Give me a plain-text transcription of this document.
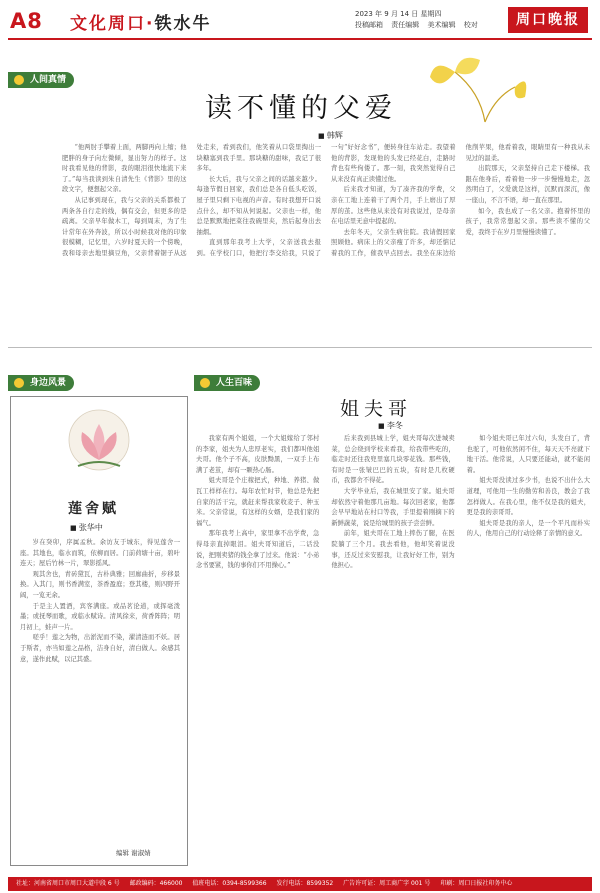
A8 文化周口·铁水牛	2023 年 9 月 14 日 星期四
投稿邮箱 责任编辑 美术编辑 校对	周口晚报
人间真情
读不懂的父爱
■ 韩辉

“他两肘手攀着上面，两脚再向上缩；他肥胖的身子向左微倾，显出努力的样子。这时我看见他的背影，我的眼泪很快地流下来了。”每当我读到朱自清先生《背影》里的这段文字，便想起父亲。

从记事到现在，我与父亲的关系都极了两条各自行走的线，偶有交会，但更多的是疏离。父亲早年做木工，每到周末，为了生计常年在外奔波，所以小时候我对他的印象很模糊，记忆里，六岁时夏天的一个傍晚，我和母亲去地里摘豆角，父亲背着锯子从远处走来，看到我们，他笑着从口袋里掏出一块糖塞到我手里。那块糖的甜味，我记了很多年。

长大后，我与父亲之间的话越来越少。每逢节假日回家，我们总是各自低头吃饭，屋子里只剩下电视的声音。有时我想开口说点什么，却不知从何说起。父亲也一样，他总是默默地把菜往我碗里夹，然后起身出去抽烟。

直到那年我考上大学，父亲送我去报到。在学校门口，他把行李交给我，只说了一句“好好念书”，便转身往车站走。我望着他的背影，发现他的头发已经花白，走路时背也有些佝偻了。那一刻，我突然觉得自己从来没有真正读懂过他。

后来我才知道，为了凑齐我的学费，父亲在工地上连着干了两个月，手上磨出了厚厚的茧。这些他从来没有对我说过，是母亲在电话里无意中提起的。

去年冬天，父亲生病住院。我请假回家照顾他。病床上的父亲瘦了许多，却还惦记着我的工作，催我早点回去。我坐在床边给他削苹果，他看着我，眼睛里有一种我从未见过的温柔。

出院那天，父亲坚持自己走下楼梯。我跟在他身后，看着他一步一步慢慢地走，忽然明白了，父爱就是这样，沉默而深沉，像一座山，不言不语，却一直在那里。

如今，我也成了一名父亲。抱着怀里的孩子，我常常想起父亲。那些读不懂的父爱，我终于在岁月里慢慢读懂了。

身边风景
莲舍赋
■ 张华中

岁在癸卯，序属孟秋。余访友于城东，得见莲舍一座。其地也，临水而筑，依柳而居。门前荷塘十亩，碧叶连天；屋后竹林一片，翠影摇风。

观其舍也，青砖黛瓦，古朴典雅；回廊曲折，步移景换。入其门，则书香满室，茶香盈庭；登其楼，则四野开阔，一览无余。

于是主人置酒，宾客满座。或品茗论道，或挥毫泼墨；或抚琴而歌，或临水赋诗。清风徐来，荷香阵阵；明月初上，蛙声一片。

嗟乎！莲之为物，出淤泥而不染，濯清涟而不妖。居于斯者，亦当如莲之品格，洁身自好，清白做人。余感其意，遂作此赋，以记其盛。

编辑 谢淑婧
人生百味
姐夫哥
■ 李冬

我家有两个姐姐，一个大姐嫁给了邻村的李家，姐夫为人忠厚老实，我们都叫他姐夫哥。他个子不高，皮肤黝黑，一双手上布满了老茧，却有一颗热心肠。

姐夫哥是个庄稼把式，种地、养猪、做瓦工样样在行。每年农忙时节，他总是先把自家的活干完，就赶来帮我家收麦子、种玉米。父亲常说，有这样的女婿，是我们家的福气。

那年我考上高中，家里拿不出学费，急得母亲直掉眼泪。姐夫哥知道后，二话没说，把刚卖猪的钱全拿了过来。他说：“小弟念书要紧，钱的事你们不用操心。”

后来我到县城上学，姐夫哥每次进城卖菜，总会绕到学校来看我，给我带些吃的，临走时还往我兜里塞几块零花钱。那些钱，有时是一张皱巴巴的五块，有时是几枚硬币，我都舍不得花。

大学毕业后，我在城里安了家。姐夫哥却依然守着他那几亩地。每次回老家，他都会早早地站在村口等我，手里提着刚摘下的新鲜蔬菜，说是给城里的孩子尝尝鲜。

前年，姐夫哥在工地上摔伤了腿，在医院躺了三个月。我去看他，他却笑着说没事，还反过来安慰我，让我好好工作，别为他担心。

如今姐夫哥已年过六旬，头发白了，背也驼了，可他依然闲不住，每天天不亮就下地干活。他常说，人只要还能动，就不能闲着。

姐夫哥没读过多少书，也说不出什么大道理，可他用一生的勤劳和善良，教会了我怎样做人。在我心里，他不仅是我的姐夫，更是我的亲哥哥。

姐夫哥是我的亲人，是一个平凡而朴实的人，他用自己的行动诠释了亲情的意义。

社址：河南省周口市周口大道中段 6 号 邮政编码：466000 值班电话：0394-8599366 发行电话：8599352 广告许可证：周工商广字 001 号 印刷：周口日报社印务中心
